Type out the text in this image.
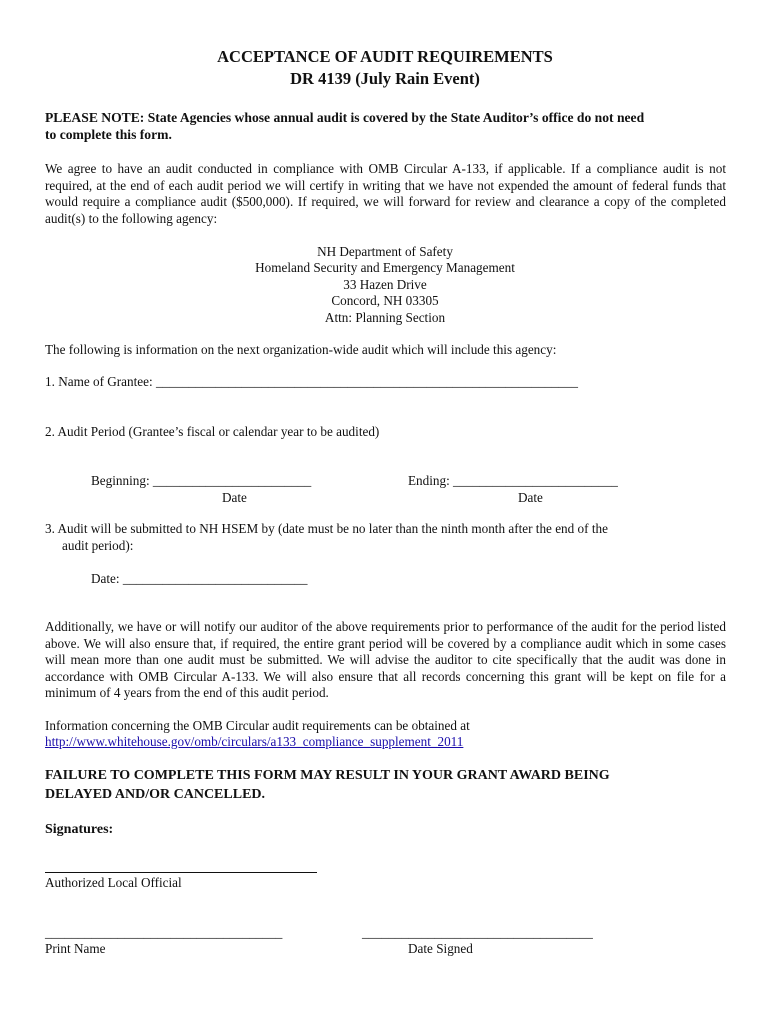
ACCEPTANCE OF AUDIT REQUIREMENTS
DR 4139 (July Rain Event)
PLEASE NOTE: State Agencies whose annual audit is covered by the State Auditor’s office do not need
to complete this form.
We agree to have an audit conducted in compliance with OMB Circular A-133, if applicable. If a compliance audit is not required, at the end of each audit period we will certify in writing that we have not expended the amount of federal funds that would require a compliance audit ($500,000). If required, we will forward for review and clearance a copy of the completed audit(s) to the following agency:
NH Department of Safety
Homeland Security and Emergency Management
33 Hazen Drive
Concord, NH 03305
Attn: Planning Section
The following is information on the next organization-wide audit which will include this agency:
1. Name of Grantee: ________________________________________________________________
2. Audit Period (Grantee’s fiscal or calendar year to be audited)
Beginning: ________________________
Date
Ending: _________________________
Date
3. Audit will be submitted to NH HSEM by (date must be no later than the ninth month after the end of the
audit period):
Date: ____________________________
Additionally, we have or will notify our auditor of the above requirements prior to performance of the audit for the period listed above. We will also ensure that, if required, the entire grant period will be covered by a compliance audit which in some cases will mean more than one audit must be submitted. We will advise the auditor to cite specifically that the audit was done in accordance with OMB Circular A-133. We will also ensure that all records concerning this grant will be kept on file for a minimum of 4 years from the end of this audit period.
Information concerning the OMB Circular audit requirements can be obtained at
http://www.whitehouse.gov/omb/circulars/a133_compliance_supplement_2011
FAILURE TO COMPLETE THIS FORM MAY RESULT IN YOUR GRANT AWARD BEING
DELAYED AND/OR CANCELLED.
Signatures:
Authorized Local Official
____________________________________
Print Name
___________________________________
Date Signed
